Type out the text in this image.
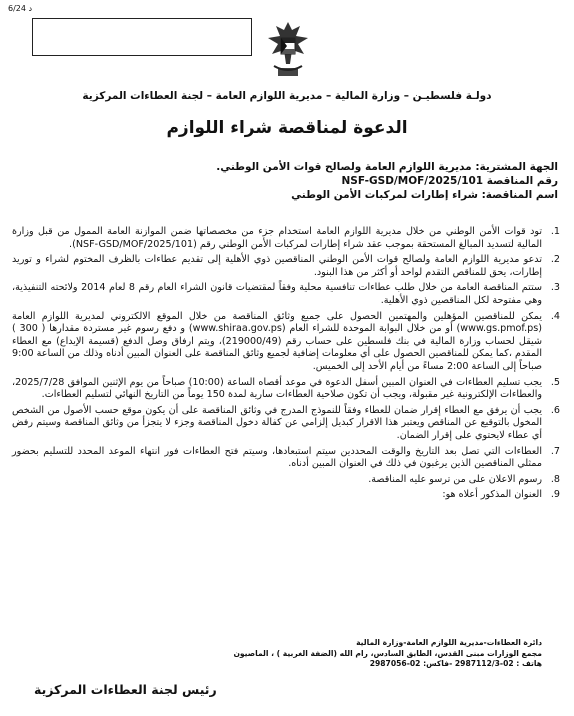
6/24 د
دولـة فلسطيـن – وزارة المالية – مديرية اللوازم العامة – لجنة العطاءات المركزية
الدعوة لمناقصة شراء اللوازم
الجهة المشترية: مديرية اللوازم العامة ولصالح قوات الأمن الوطني.
رقم المناقصة NSF-GSD/MOF/2025/101
اسم المناقصة: شراء إطارات لمركبات الأمن الوطني
1.
تود قوات الأمن الوطني من خلال مديرية اللوازم العامة استخدام جزء من مخصصاتها ضمن الموازنة العامة الممول من قبل وزارة المالية لتسديد المبالغ المستحقة بموجب عقد شراء إطارات لمركبات الأمن الوطني رقم (NSF-GSD/MOF/2025/101).
2.
تدعو مديرية اللوازم العامة ولصالح قوات الأمن الوطني المناقصين ذوي الأهلية إلى تقديم عطاءات بالظرف المختوم لشراء و توريد إطارات، يحق للمناقص التقدم لواحد أو أكثر من هذا البنود.
3.
ستتم المناقصة العامة من خلال طلب عطاءات تنافسية محلية وفقاً لمقتضيات قانون الشراء العام رقم 8 لعام 2014 ولائحته التنفيذية، وهي مفتوحة لكل المناقصين ذوي الأهلية.
4.
يمكن للمناقصين المؤهلين والمهتمين الحصول على جميع وثائق المناقصة من خلال الموقع الالكتروني لمديرية اللوازم العامة (www.gs.pmof.ps) أو من خلال البوابة الموحدة للشراء العام (www.shiraa.gov.ps) و دفع رسوم غير مستردة مقدارها ( 300 ) شيقل لحساب وزارة المالية في بنك فلسطين على حساب رقم (219000/49)، ويتم ارفاق وصل الدفع (قسيمة الإيداع) مع العطاء المقدم ،كما يمكن للمناقصين الحصول على أي معلومات إضافية لجميع وثائق المناقصة على العنوان المبين أدناه وذلك من الساعة 9:00 صباحاً إلى الساعة 2:00 مساءً من أيام الأحد إلى الخميس.
5.
يجب تسليم العطاءات في العنوان المبين أسفل الدعوة في موعد أقصاه الساعة (10:00) صباحاً من يوم الإثنين الموافق 2025/7/28، والعطاءات الإلكترونية غير مقبولة، ويجب أن تكون صلاحية العطاءات سارية لمدة 150 يوماً من التاريخ النهائي لتسليم العطاءات.
6.
يجب أن يرفق مع العطاء إقرار ضمان للعطاء وفقاً للنموذج المدرج في وثائق المناقصة على أن يكون موقع حسب الأصول من الشخص المخول بالتوقيع عن المناقص ويعتبر هذا الاقرار كبديل إلزامي عن كفالة دخول المناقصة وجزء لا يتجزأ من وثائق المناقصة وسيتم رفض أي عطاء لايحتوي على إقرار الضمان.
7.
العطاءات التي تصل بعد التاريخ والوقت المحددين سيتم استبعادها، وسيتم فتح العطاءات فور انتهاء الموعد المحدد للتسليم بحضور ممثلي المناقصين الذين يرغبون في ذلك في العنوان المبين أدناه.
8.
رسوم الاعلان على من ترسو عليه المناقصة.
9.
العنوان المذكور أعلاه هو:
دائرة العطاءات-مديرية اللوازم العامة-وزارة المالية
مجمع الوزارات مبنى القدس، الطابق السادس، رام الله (الضفة الغربية ) ، الماصيون
هاتف : 02-2987112/3 -فاكس: 02-2987056
رئيس لجنة العطاءات المركزية
